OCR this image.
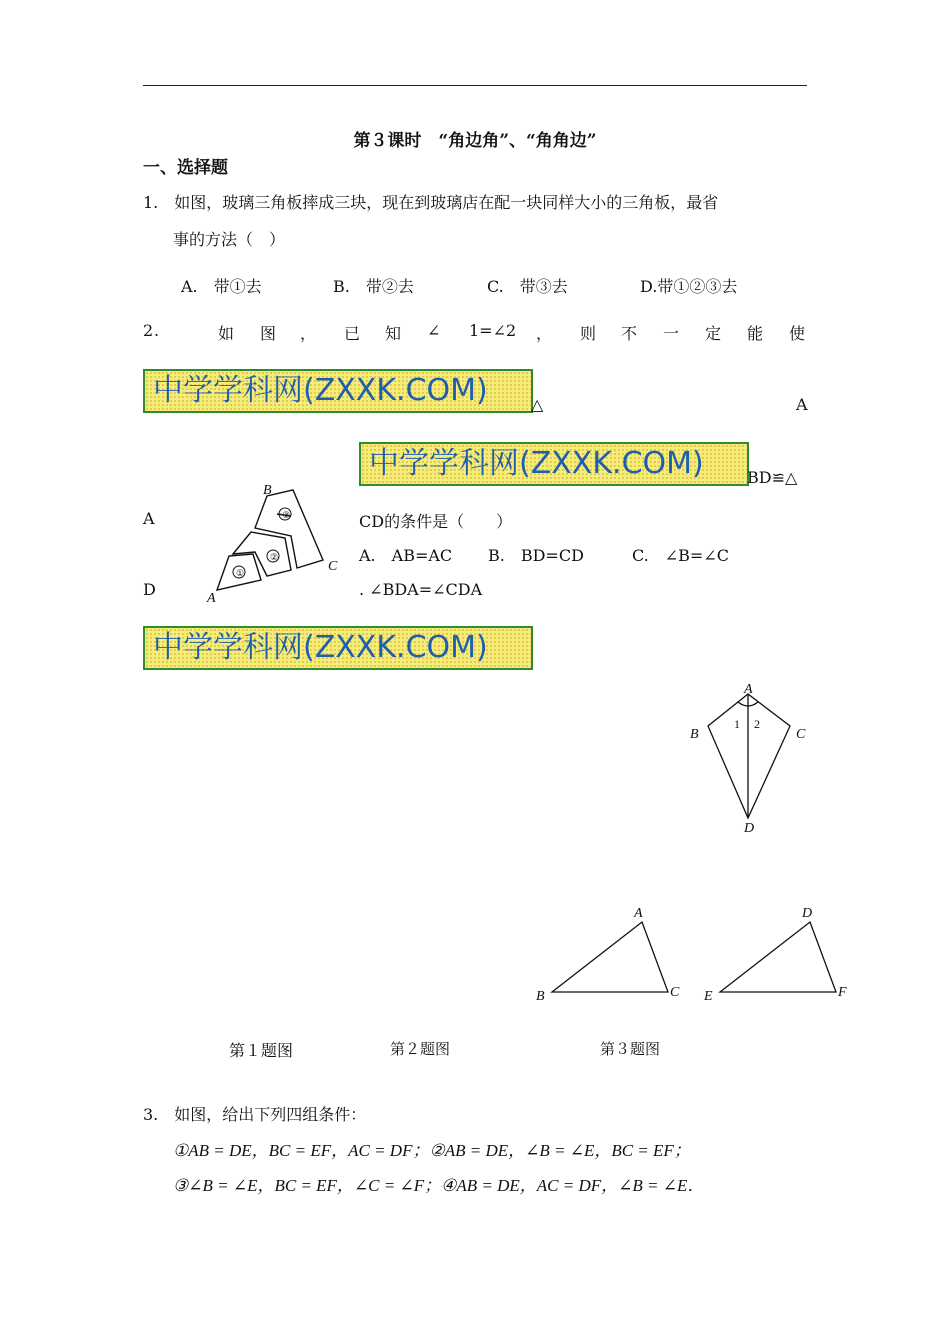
第３课时　“角边角”、“角角边”
一、选择题
1.　如图，玻璃三角板摔成三块，现在到玻璃店在配一块同样大小的三角板，最省
事的方法（　）
A.　带①去	B.　带②去	C.　带③去	D.带①②③去
2 .	如 图 ， 已 知 ∠ 1=∠2 ， 则 不 一 定 能 使
中学学科网(ZXXK.COM)	△	A
中学学科网(ZXXK.COM)	BD≌△
①
②
③
B
A
C
A	CD的条件是（　　）
A.　AB=AC B.　BD=CD	C.　∠B=∠C
D	. ∠BDA=∠CDA
中学学科网(ZXXK.COM)
A
B	C
D
1 2
A
B	C
D
E	F
第１题图	第２题图	第３题图
3.　如图，给出下列四组条件：
①AB = DE，BC = EF，AC = DF；②AB = DE，∠B = ∠E，BC = EF；
③∠B = ∠E，BC = EF，∠C = ∠F；④AB = DE，AC = DF，∠B = ∠E．
